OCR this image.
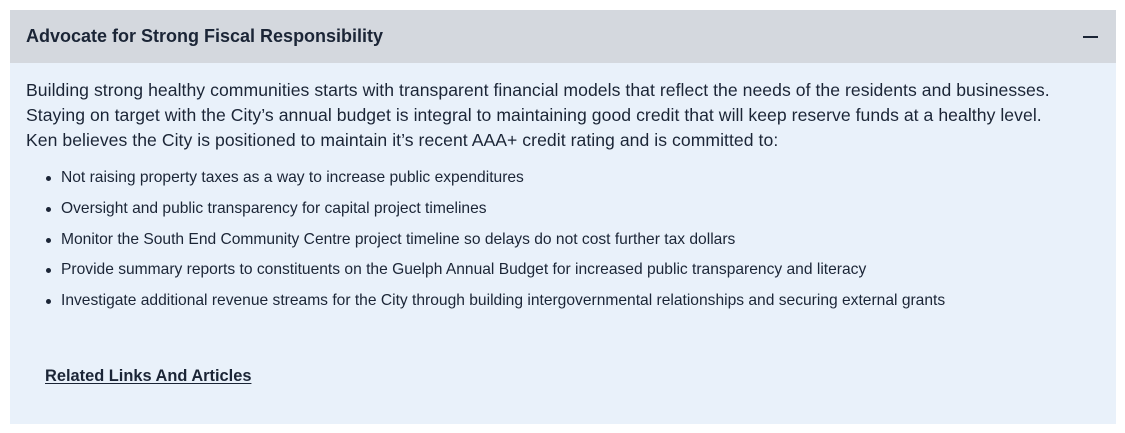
Advocate for Strong Fiscal Responsibility

Building strong healthy communities starts with transparent financial models that reflect the needs of the residents and businesses.
Staying on target with the City’s annual budget is integral to maintaining good credit that will keep reserve funds at a healthy level.
Ken believes the City is positioned to maintain it’s recent AAA+ credit rating and is committed to:

Not raising property taxes as a way to increase public expenditures
Oversight and public transparency for capital project timelines
Monitor the South End Community Centre project timeline so delays do not cost further tax dollars
Provide summary reports to constituents on the Guelph Annual Budget for increased public transparency and literacy
Investigate additional revenue streams for the City through building intergovernmental relationships and securing external grants
Related Links And Articles
